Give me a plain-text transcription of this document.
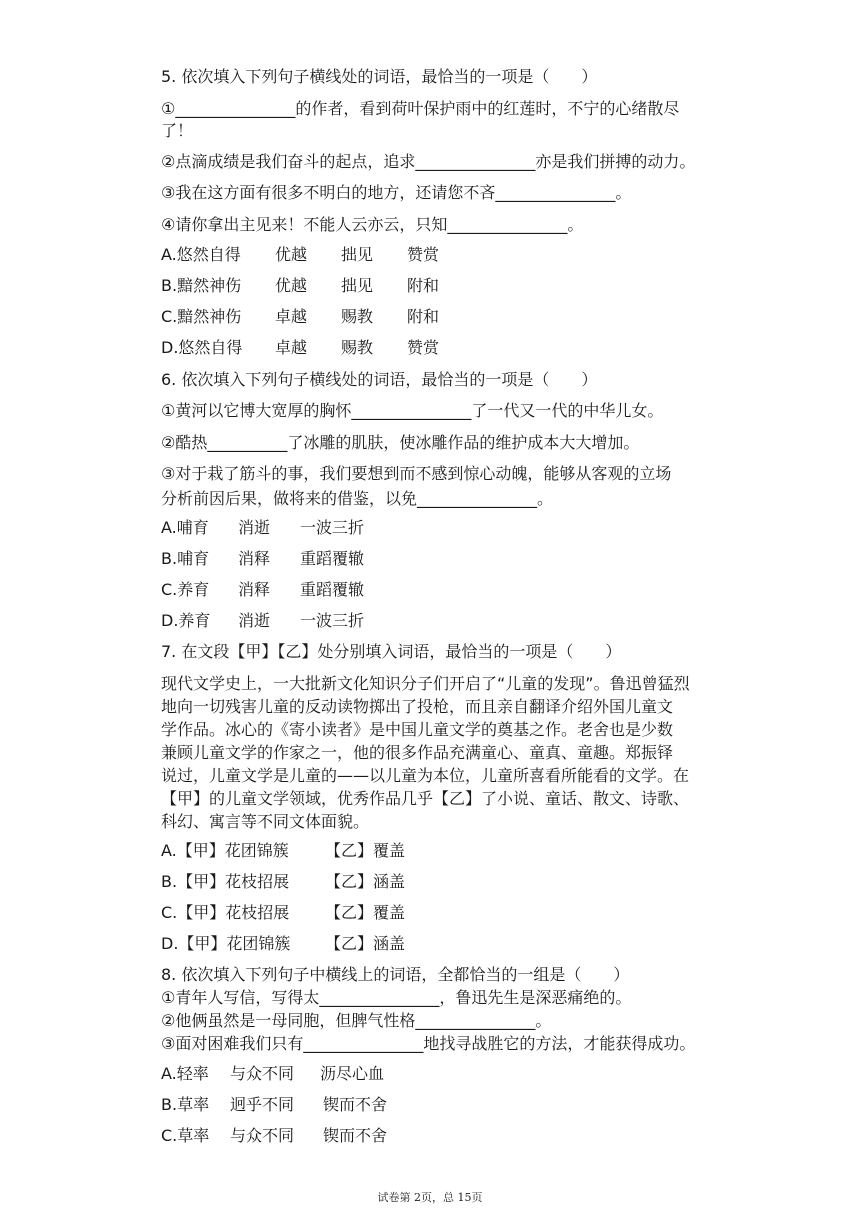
5. 依次填入下列句子横线处的词语，最恰当的一项是（　　）
①_______________的作者，看到荷叶保护雨中的红莲时，不宁的心绪散尽
了！
②点滴成绩是我们奋斗的起点，追求_______________亦是我们拼搏的动力。
③我在这方面有很多不明白的地方，还请您不吝_______________。
④请你拿出主见来！不能人云亦云，只知_______________。
A.悠然自得 优越 拙见 赞赏
B.黯然神伤 优越 拙见 附和
C.黯然神伤 卓越 赐教 附和
D.悠然自得 卓越 赐教 赞赏
6. 依次填入下列句子横线处的词语，最恰当的一项是（　　）
①黄河以它博大宽厚的胸怀_______________了一代又一代的中华儿女。
②酷热__________了冰雕的肌肤，使冰雕作品的维护成本大大增加。
③对于栽了筋斗的事，我们要想到而不感到惊心动魄，能够从客观的立场
分析前因后果，做将来的借鉴，以免_______________。
A.哺育 消逝 一波三折
B.哺育 消释 重蹈覆辙
C.养育 消释 重蹈覆辙
D.养育 消逝 一波三折
7. 在文段【甲】【乙】处分别填入词语，最恰当的一项是（　　）
现代文学史上，一大批新文化知识分子们开启了“儿童的发现”。鲁迅曾猛烈
地向一切残害儿童的反动读物掷出了投枪，而且亲自翻译介绍外国儿童文
学作品。冰心的《寄小读者》是中国儿童文学的奠基之作。老舍也是少数
兼顾儿童文学的作家之一，他的很多作品充满童心、童真、童趣。郑振铎
说过，儿童文学是儿童的——以儿童为本位，儿童所喜看所能看的文学。在
【甲】的儿童文学领域，优秀作品几乎【乙】了小说、童话、散文、诗歌、
科幻、寓言等不同文体面貌。
A.【甲】花团锦簇 【乙】覆盖
B.【甲】花枝招展 【乙】涵盖
C.【甲】花枝招展 【乙】覆盖
D.【甲】花团锦簇 【乙】涵盖
8. 依次填入下列句子中横线上的词语，全都恰当的一组是（　　）
①青年人写信，写得太_______________，鲁迅先生是深恶痛绝的。
②他俩虽然是一母同胞，但脾气性格_______________。
③面对困难我们只有_______________地找寻战胜它的方法，才能获得成功。
A.轻率 与众不同 沥尽心血
B.草率 迥乎不同 锲而不舍
C.草率 与众不同 锲而不舍
试卷第 2页，总 15页
